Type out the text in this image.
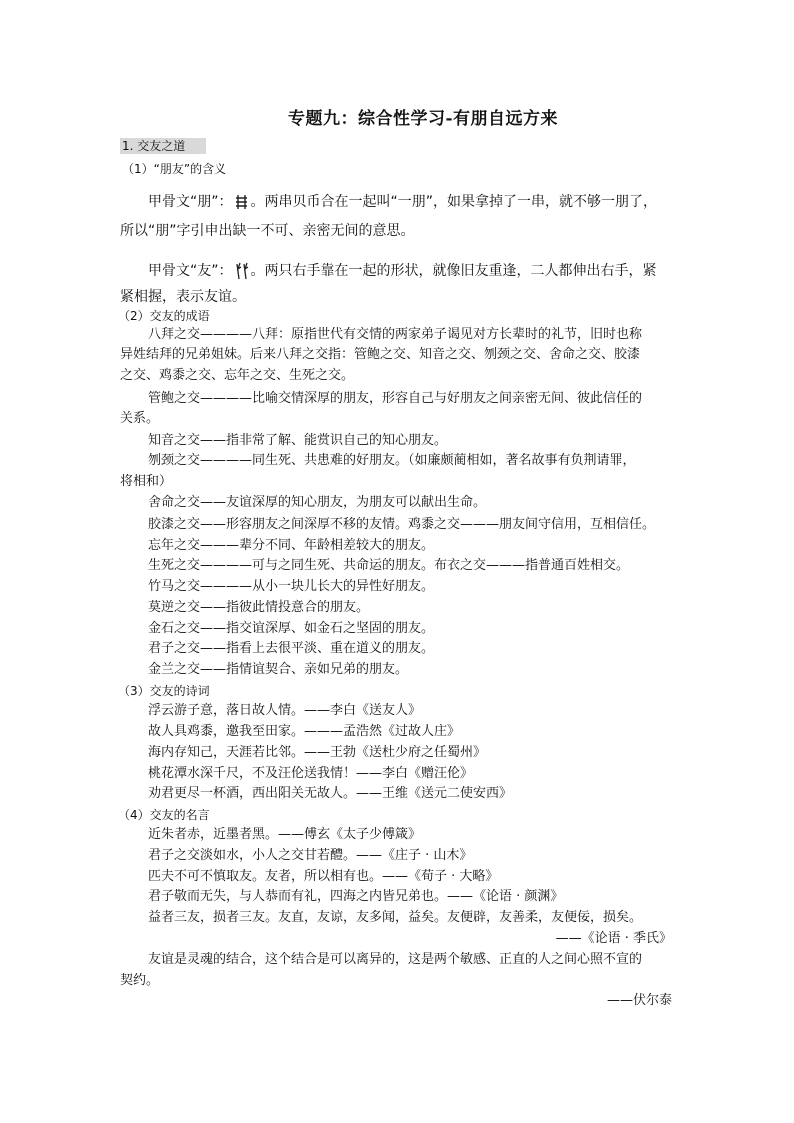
专题九：综合性学习-有朋自远方来
1. 交友之道
（1）“朋友”的含义
甲骨文“朋”： 。两串贝币合在一起叫“一朋”，如果拿掉了一串，就不够一朋了，
所以“朋”字引申出缺一不可、亲密无间的意思。
甲骨文“友”： 。两只右手靠在一起的形状，就像旧友重逢，二人都伸出右手，紧
紧相握，表示友谊。
（2）交友的成语
八拜之交————八拜：原指世代有交情的两家弟子谒见对方长辈时的礼节，旧时也称
异姓结拜的兄弟姐妹。后来八拜之交指：管鲍之交、知音之交、刎颈之交、舍命之交、胶漆
之交、鸡黍之交、忘年之交、生死之交。
管鲍之交————比喻交情深厚的朋友，形容自己与好朋友之间亲密无间、彼此信任的
关系。
知音之交——指非常了解、能赏识自己的知心朋友。
刎颈之交————同生死、共患难的好朋友。（如廉颇蔺相如，著名故事有负荆请罪，
将相和）
舍命之交——友谊深厚的知心朋友，为朋友可以献出生命。
胶漆之交——形容朋友之间深厚不移的友情。鸡黍之交———朋友间守信用，互相信任。
忘年之交———辈分不同、年龄相差较大的朋友。
生死之交————可与之同生死、共命运的朋友。布衣之交———指普通百姓相交。
竹马之交————从小一块儿长大的异性好朋友。
莫逆之交——指彼此情投意合的朋友。
金石之交——指交谊深厚、如金石之坚固的朋友。
君子之交——指看上去很平淡、重在道义的朋友。
金兰之交——指情谊契合、亲如兄弟的朋友。
（3）交友的诗词
浮云游子意，落日故人情。——李白《送友人》
故人具鸡黍，邀我至田家。———孟浩然《过故人庄》
海内存知己，天涯若比邻。——王勃《送杜少府之任蜀州》
桃花潭水深千尺，不及汪伦送我情！——李白《赠汪伦》
劝君更尽一杯酒，西出阳关无故人。——王维《送元二使安西》
（4）交友的名言
近朱者赤，近墨者黑。——傅玄《太子少傅箴》
君子之交淡如水，小人之交甘若醴。——《庄子 · 山木》
匹夫不可不慎取友。友者，所以相有也。——《荀子 · 大略》
君子敬而无失，与人恭而有礼，四海之内皆兄弟也。——《论语 · 颜渊》
益者三友，损者三友。友直，友谅，友多闻，益矣。友便辟，友善柔，友便佞，损矣。
——《论语 · 季氏》
友谊是灵魂的结合，这个结合是可以离异的，这是两个敏感、正直的人之间心照不宣的
契约。
——伏尔泰
